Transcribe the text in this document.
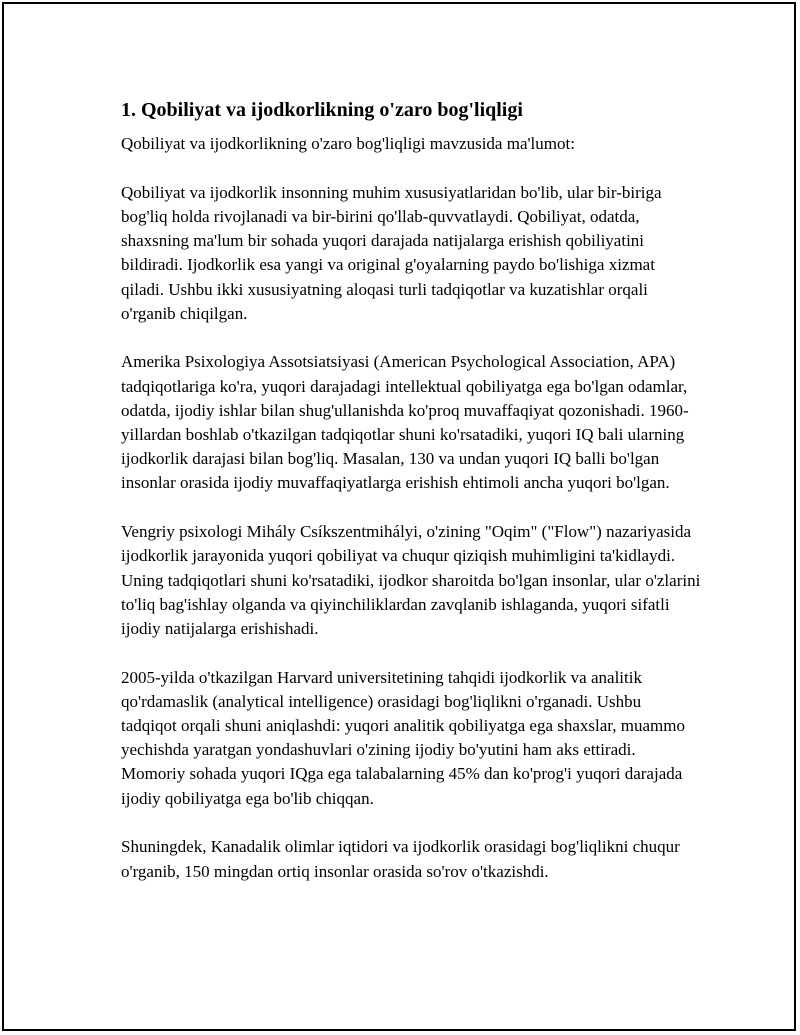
1. Qobiliyat va ijodkorlikning o'zaro bog'liqligi

Qobiliyat va ijodkorlikning o'zaro bog'liqligi mavzusida ma'lumot:

Qobiliyat va ijodkorlik insonning muhim xususiyatlaridan bo'lib, ular bir-biriga bog'liq holda rivojlanadi va bir-birini qo'llab-quvvatlaydi. Qobiliyat, odatda, shaxsning ma'lum bir sohada yuqori darajada natijalarga erishish qobiliyatini bildiradi. Ijodkorlik esa yangi va original g'oyalarning paydo bo'lishiga xizmat qiladi. Ushbu ikki xususiyatning aloqasi turli tadqiqotlar va kuzatishlar orqali o'rganib chiqilgan.

Amerika Psixologiya Assotsiatsiyasi (American Psychological Association, APA) tadqiqotlariga ko'ra, yuqori darajadagi intellektual qobiliyatga ega bo'lgan odamlar, odatda, ijodiy ishlar bilan shug'ullanishda ko'proq muvaffaqiyat qozonishadi. 1960-yillardan boshlab o'tkazilgan tadqiqotlar shuni ko'rsatadiki, yuqori IQ bali ularning ijodkorlik darajasi bilan bog'liq. Masalan, 130 va undan yuqori IQ balli bo'lgan insonlar orasida ijodiy muvaffaqiyatlarga erishish ehtimoli ancha yuqori bo'lgan.

Vengriy psixologi Mihály Csíkszentmihályi, o'zining "Oqim" ("Flow") nazariyasida ijodkorlik jarayonida yuqori qobiliyat va chuqur qiziqish muhimligini ta'kidlaydi. Uning tadqiqotlari shuni ko'rsatadiki, ijodkor sharoitda bo'lgan insonlar, ular o'zlarini to'liq bag'ishlay olganda va qiyinchiliklardan zavqlanib ishlaganda, yuqori sifatli ijodiy natijalarga erishishadi.

2005-yilda o'tkazilgan Harvard universitetining tahqidi ijodkorlik va analitik qo'rdamaslik (analytical intelligence) orasidagi bog'liqlikni o'rganadi. Ushbu tadqiqot orqali shuni aniqlashdi: yuqori analitik qobiliyatga ega shaxslar, muammo yechishda yaratgan yondashuvlari o'zining ijodiy bo'yutini ham aks ettiradi. Momoriy sohada yuqori IQga ega talabalarning 45% dan ko'prog'i yuqori darajada ijodiy qobiliyatga ega bo'lib chiqqan.

Shuningdek, Kanadalik olimlar iqtidori va ijodkorlik orasidagi bog'liqlikni chuqur o'rganib, 150 mingdan ortiq insonlar orasida so'rov o'tkazishdi.
